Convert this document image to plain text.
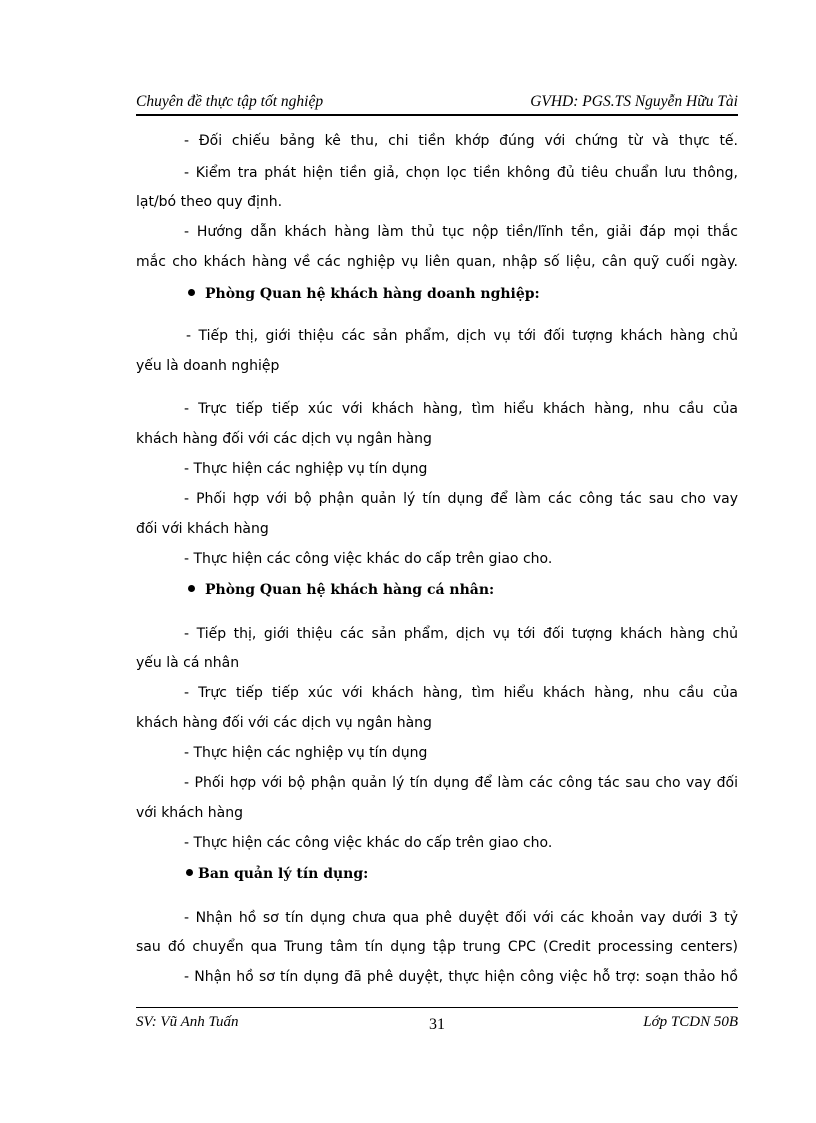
Chuyên đề thực tập tốt nghiệp	GVHD: PGS.TS Nguyễn Hữu Tài
- Đối chiếu bảng kê thu, chi tiền khớp đúng với chứng từ và thực tế.
- Kiểm tra phát hiện tiền giả, chọn lọc tiền không đủ tiêu chuẩn lưu thông,
lạt/bó theo quy định.
- Hướng dẫn khách hàng làm thủ tục nộp tiền/lĩnh tền, giải đáp mọi thắc
mắc cho khách hàng về các nghiệp vụ liên quan, nhập số liệu, cân quỹ cuối ngày.
Phòng Quan hệ khách hàng doanh nghiệp:
- Tiếp thị, giới thiệu các sản phẩm, dịch vụ tới đối tượng khách hàng chủ
yếu là doanh nghiệp
- Trực tiếp tiếp xúc với khách hàng, tìm hiểu khách hàng, nhu cầu của
khách hàng đối với các dịch vụ ngân hàng
- Thực hiện các nghiệp vụ tín dụng
- Phối hợp với bộ phận quản lý tín dụng để làm các công tác sau cho vay
đối với khách hàng
- Thực hiện các công việc khác do cấp trên giao cho.
Phòng Quan hệ khách hàng cá nhân:
- Tiếp thị, giới thiệu các sản phẩm, dịch vụ tới đối tượng khách hàng chủ
yếu là cá nhân
- Trực tiếp tiếp xúc với khách hàng, tìm hiểu khách hàng, nhu cầu của
khách hàng đối với các dịch vụ ngân hàng
- Thực hiện các nghiệp vụ tín dụng
- Phối hợp với bộ phận quản lý tín dụng để làm các công tác sau cho vay đối
với khách hàng
- Thực hiện các công việc khác do cấp trên giao cho.
Ban quản lý tín dụng:
- Nhận hồ sơ tín dụng chưa qua phê duyệt đối với các khoản vay dưới 3 tỷ
sau đó chuyển qua Trung tâm tín dụng tập trung CPC (Credit processing centers)
- Nhận hồ sơ tín dụng đã phê duyệt, thực hiện công việc hỗ trợ: soạn thảo hồ
SV: Vũ Anh Tuấn	31	Lớp TCDN 50B
